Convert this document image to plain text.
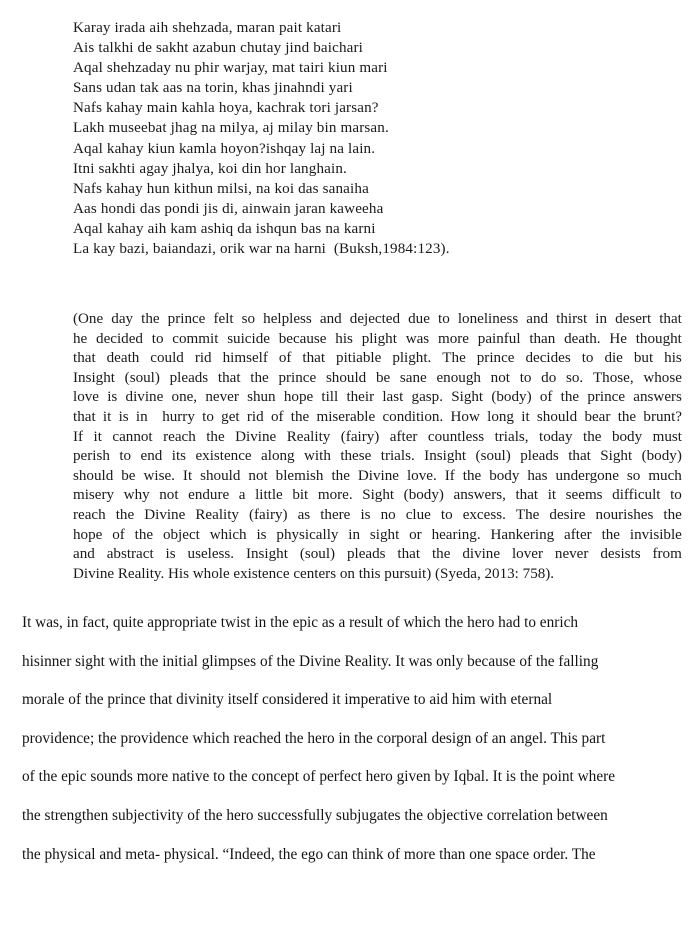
Karay irada aih shehzada, maran pait katari
Ais talkhi de sakht azabun chutay jind baichari
Aqal shehzaday nu phir warjay, mat tairi kiun mari
Sans udan tak aas na torin, khas jinahndi yari
Nafs kahay main kahla hoya, kachrak tori jarsan?
Lakh museebat jhag na milya, aj milay bin marsan.
Aqal kahay kiun kamla hoyon?ishqay laj na lain.
Itni sakhti agay jhalya, koi din hor langhain.
Nafs kahay hun kithun milsi, na koi das sanaiha
Aas hondi das pondi jis di, ainwain jaran kaweeha
Aqal kahay aih kam ashiq da ishqun bas na karni
La kay bazi, baiandazi, orik war na harni  (Buksh,1984:123).
(One day the prince felt so helpless and dejected due to loneliness and thirst in desert that
he decided to commit suicide because his plight was more painful than death. He thought
that death could rid himself of that pitiable plight. The prince decides to die but his
Insight (soul) pleads that the prince should be sane enough not to do so. Those, whose
love is divine one, never shun hope till their last gasp. Sight (body) of the prince answers
that it is in hurry to get rid of the miserable condition. How long it should bear the brunt?
If it cannot reach the Divine Reality (fairy) after countless trials, today the body must
perish to end its existence along with these trials. Insight (soul) pleads that Sight (body)
should be wise. It should not blemish the Divine love. If the body has undergone so much
misery why not endure a little bit more. Sight (body) answers, that it seems difficult to
reach the Divine Reality (fairy) as there is no clue to excess. The desire nourishes the
hope of the object which is physically in sight or hearing. Hankering after the invisible
and abstract is useless. Insight (soul) pleads that the divine lover never desists from
Divine Reality. His whole existence centers on this pursuit) (Syeda, 2013: 758).
It was, in fact, quite appropriate twist in the epic as a result of which the hero had to enrich
hisinner sight with the initial glimpses of the Divine Reality. It was only because of the falling
morale of the prince that divinity itself considered it imperative to aid him with eternal
providence; the providence which reached the hero in the corporal design of an angel. This part
of the epic sounds more native to the concept of perfect hero given by Iqbal. It is the point where
the strengthen subjectivity of the hero successfully subjugates the objective correlation between
the physical and meta- physical. “Indeed, the ego can think of more than one space order. The
